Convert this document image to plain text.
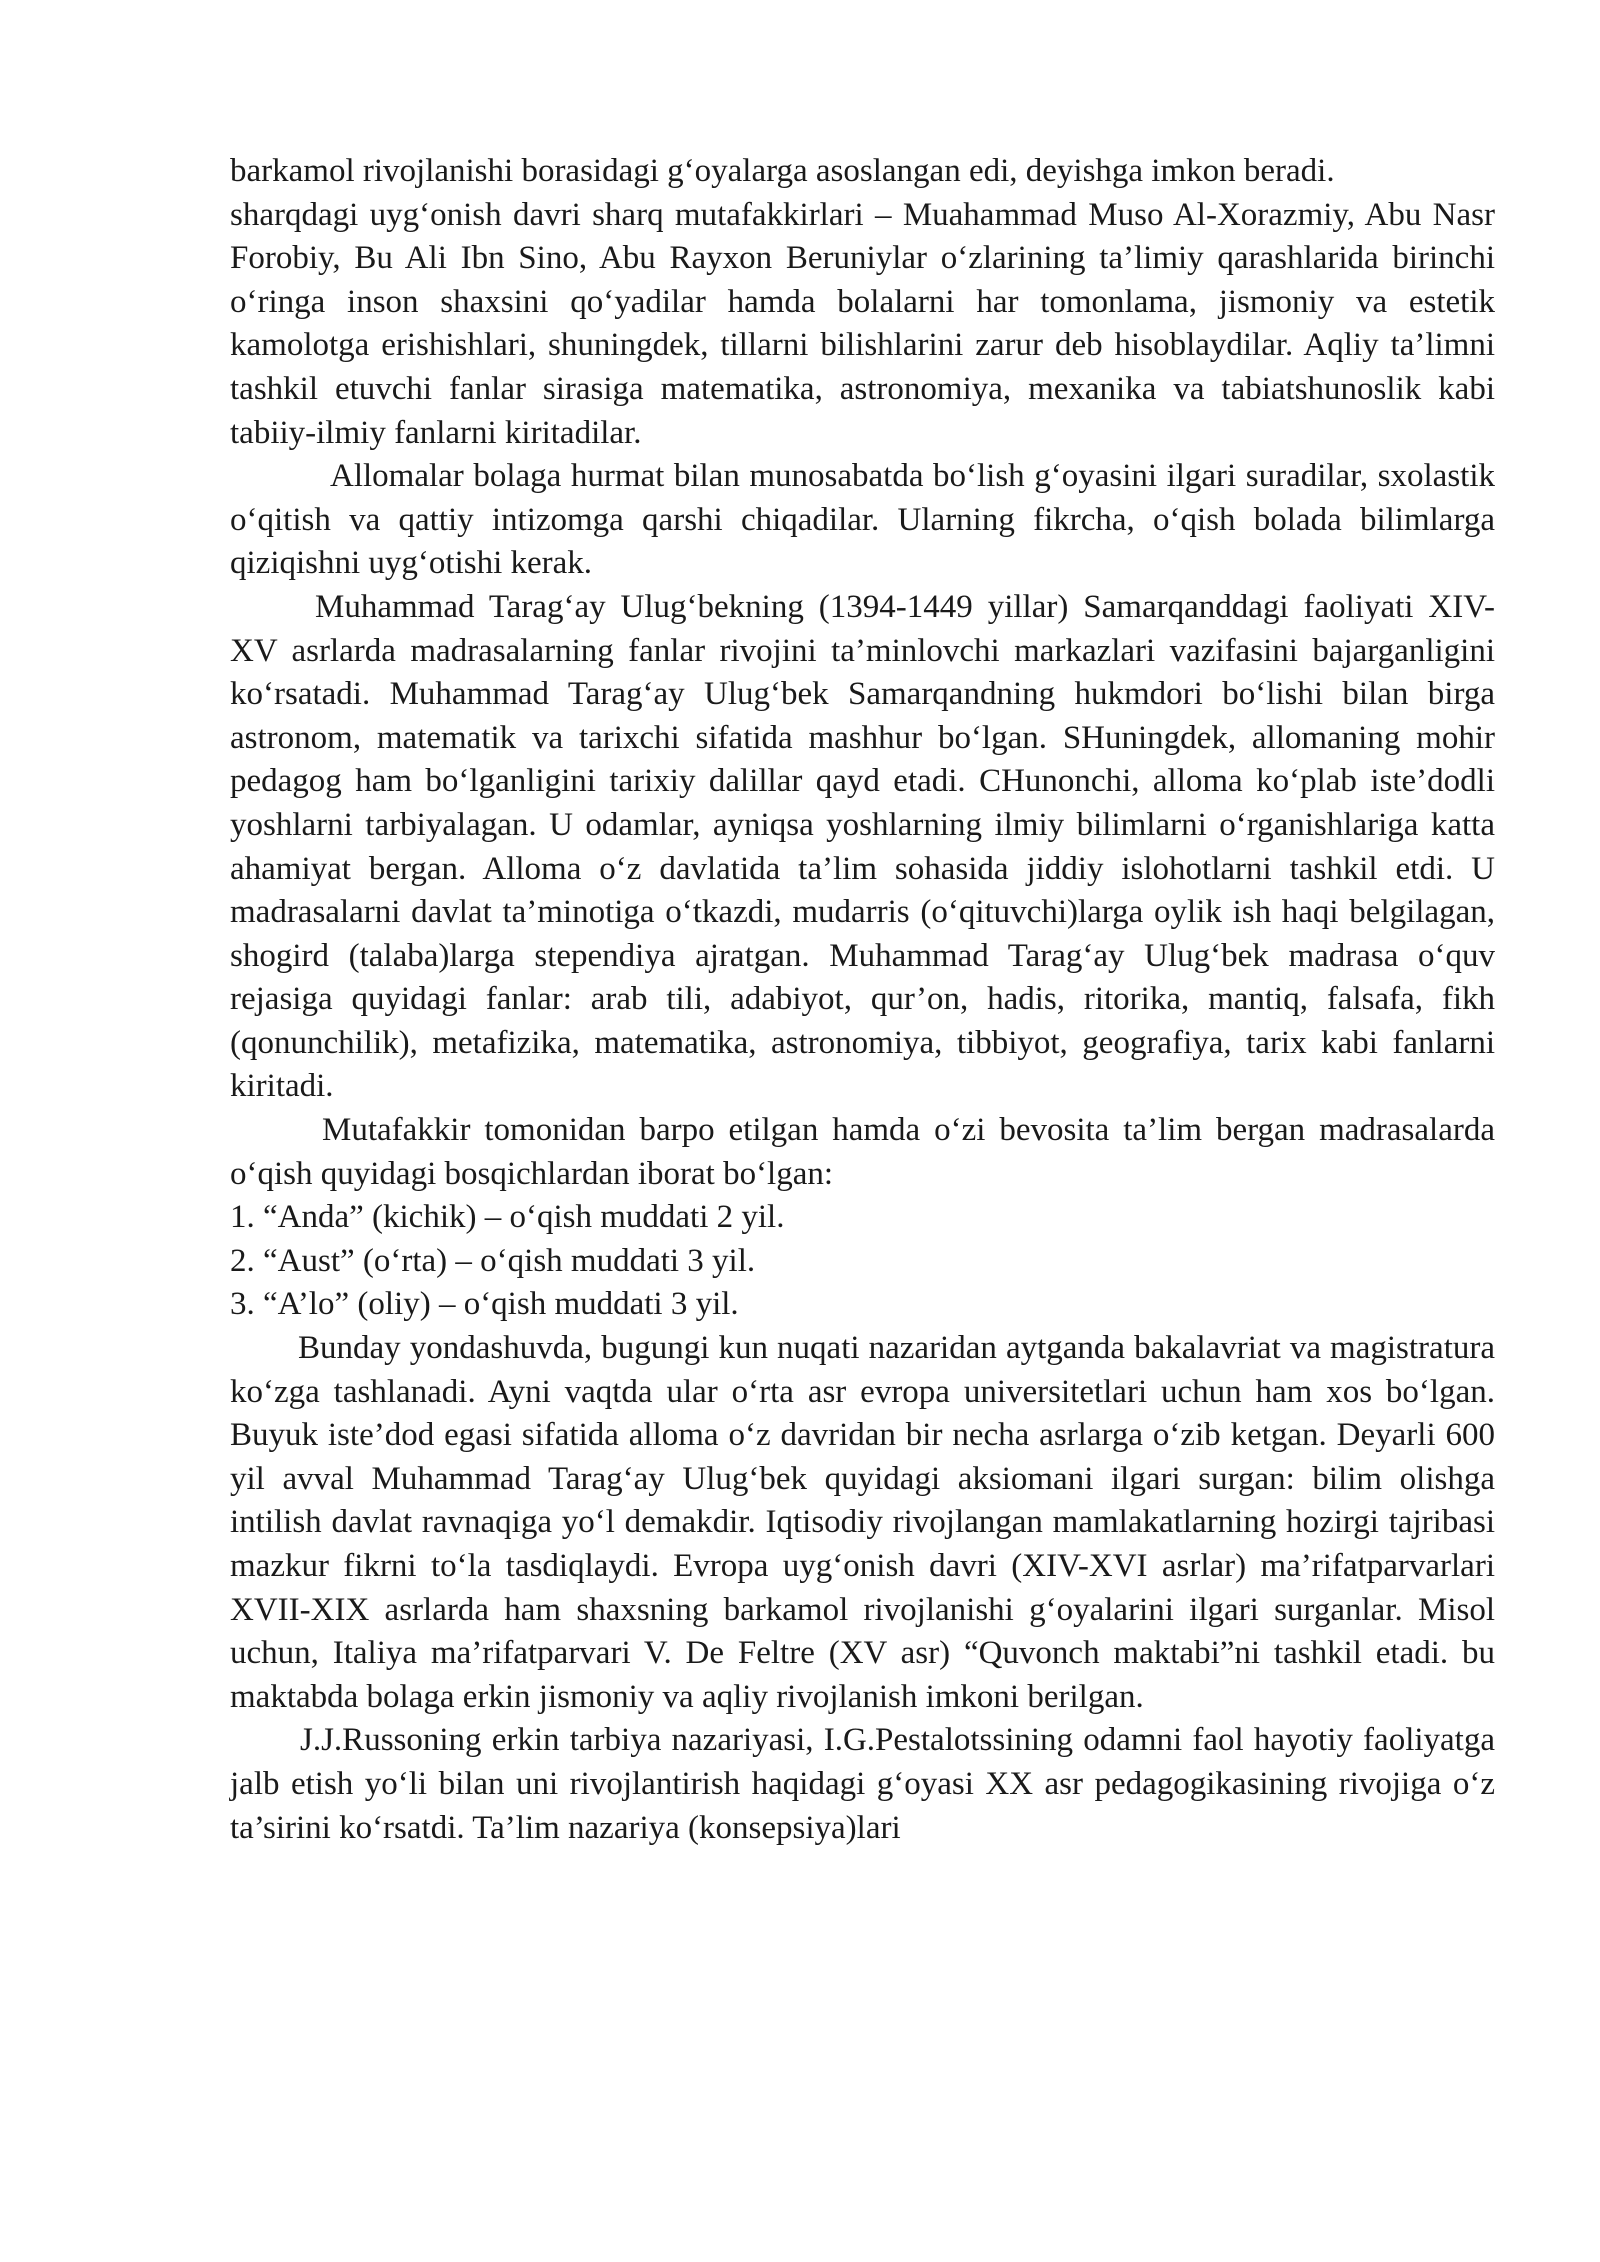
barkamol rivojlanishi borasidagi g‘oyalarga asoslangan edi, deyishga imkon beradi.

sharqdagi uyg‘onish davri sharq mutafakkirlari – Muahammad Muso Al-Xorazmiy, Abu Nasr Forobiy, Bu Ali Ibn Sino, Abu Rayxon Beruniylar o‘zlarining ta’limiy qarashlarida birinchi o‘ringa inson shaxsini qo‘yadilar hamda bolalarni har tomonlama, jismoniy va estetik kamolotga erishishlari, shuningdek, tillarni bilishlarini zarur deb hisoblaydilar. Aqliy ta’limni tashkil etuvchi fanlar sirasiga matematika, astronomiya, mexanika va tabiatshunoslik kabi tabiiy-ilmiy fanlarni kiritadilar.

Allomalar bolaga hurmat bilan munosabatda bo‘lish g‘oyasini ilgari suradilar, sxolastik o‘qitish va qattiy intizomga qarshi chiqadilar. Ularning fikrcha, o‘qish bolada bilimlarga qiziqishni uyg‘otishi kerak.

Muhammad Tarag‘ay Ulug‘bekning (1394-1449 yillar) Samarqanddagi faoliyati XIV-XV asrlarda madrasalarning fanlar rivojini ta’minlovchi markazlari vazifasini bajarganligini ko‘rsatadi. Muhammad Tarag‘ay Ulug‘bek Samarqandning hukmdori bo‘lishi bilan birga astronom, matematik va tarixchi sifatida mashhur bo‘lgan. SHuningdek, allomaning mohir pedagog ham bo‘lganligini tarixiy dalillar qayd etadi. CHunonchi, alloma ko‘plab iste’dodli yoshlarni tarbiyalagan. U odamlar, ayniqsa yoshlarning ilmiy bilimlarni o‘rganishlariga katta ahamiyat bergan. Alloma o‘z davlatida ta’lim sohasida jiddiy islohotlarni tashkil etdi. U madrasalarni davlat ta’minotiga o‘tkazdi, mudarris (o‘qituvchi)larga oylik ish haqi belgilagan, shogird (talaba)larga stependiya ajratgan. Muhammad Tarag‘ay Ulug‘bek madrasa o‘quv rejasiga quyidagi fanlar: arab tili, adabiyot, qur’on, hadis, ritorika, mantiq, falsafa, fikh (qonunchilik), metafizika, matematika, astronomiya, tibbiyot, geografiya, tarix kabi fanlarni kiritadi.

Mutafakkir tomonidan barpo etilgan hamda o‘zi bevosita ta’lim bergan madrasalarda o‘qish quyidagi bosqichlardan iborat bo‘lgan:

1. “Anda” (kichik) – o‘qish muddati 2 yil.

2. “Aust” (o‘rta) – o‘qish muddati 3 yil.

3. “A’lo” (oliy) – o‘qish muddati 3 yil.

Bunday yondashuvda, bugungi kun nuqati nazaridan aytganda bakalavriat va magistratura ko‘zga tashlanadi. Ayni vaqtda ular o‘rta asr evropa universitetlari uchun ham xos bo‘lgan. Buyuk iste’dod egasi sifatida alloma o‘z davridan bir necha asrlarga o‘zib ketgan. Deyarli 600 yil avval Muhammad Tarag‘ay Ulug‘bek quyidagi aksiomani ilgari surgan: bilim olishga intilish davlat ravnaqiga yo‘l demakdir. Iqtisodiy rivojlangan mamlakatlarning hozirgi tajribasi mazkur fikrni to‘la tasdiqlaydi. Evropa uyg‘onish davri (XIV-XVI asrlar) ma’rifatparvarlari XVII-XIX asrlarda ham shaxsning barkamol rivojlanishi g‘oyalarini ilgari surganlar. Misol uchun, Italiya ma’rifatparvari V. De Feltre (XV asr) “Quvonch maktabi”ni tashkil etadi. bu maktabda bolaga erkin jismoniy va aqliy rivojlanish imkoni berilgan.

J.J.Russoning erkin tarbiya nazariyasi, I.G.Pestalotssining odamni faol hayotiy faoliyatga jalb etish yo‘li bilan uni rivojlantirish haqidagi g‘oyasi XX asr pedagogikasining rivojiga o‘z ta’sirini ko‘rsatdi. Ta’lim nazariya (konsepsiya)lari
